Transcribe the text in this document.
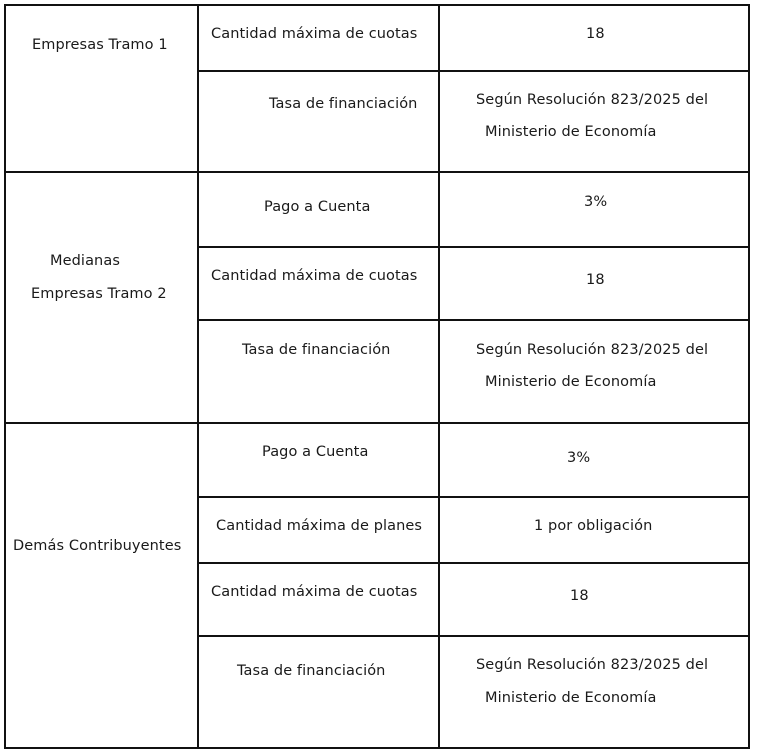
Empresas Tramo 1
Cantidad máxima de cuotas	18
Tasa de financiación	Según Resolución 823/2025 del
Ministerio de Economía
Medianas
Empresas Tramo 2
Pago a Cuenta	3%
Cantidad máxima de cuotas	18
Tasa de financiación	Según Resolución 823/2025 del
Ministerio de Economía
Demás Contribuyentes
Pago a Cuenta	3%
Cantidad máxima de planes	1 por obligación
Cantidad máxima de cuotas	18
Tasa de financiación	Según Resolución 823/2025 del
Ministerio de Economía
